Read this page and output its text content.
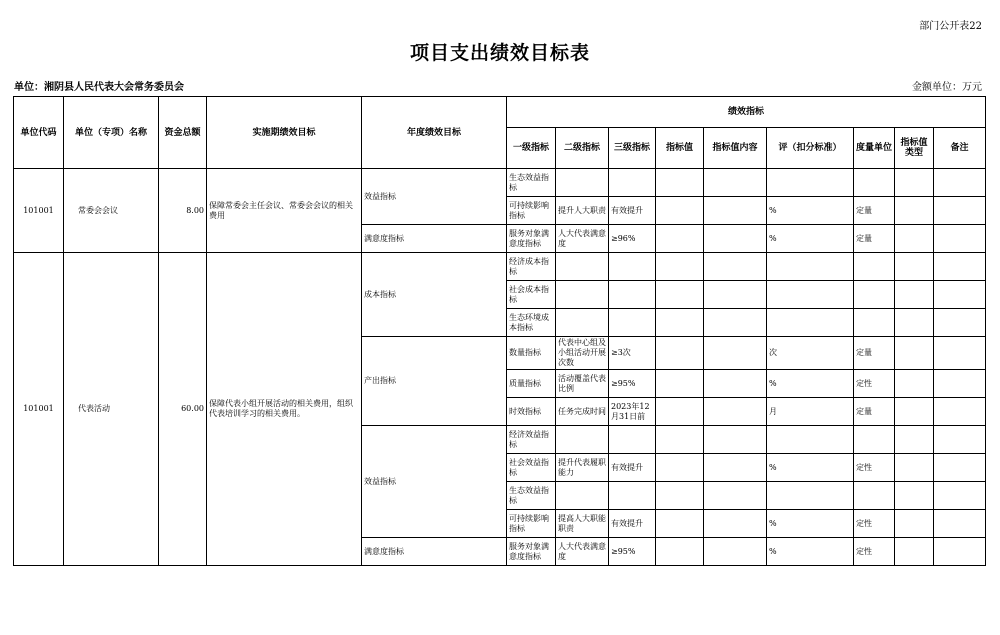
部门公开表22
项目支出绩效目标表
单位：湘阴县人民代表大会常务委员会	金额单位：万元
单位代码	单位（专项）名称	资金总额	实施期绩效目标	年度绩效目标	绩效指标								
					一级指标	二级指标	三级指标	指标值	指标值内容	评（扣分标准）	度量单位	指标值类型	备注
101001	常委会会议	8.00	保障常委会主任会议、常委会会议的相关费用	效益指标	生态效益指标								
					可持续影响指标	提升人大职责	有效提升			%	定量		
				满意度指标	服务对象满意度指标	人大代表满意度	≥96%			%	定量		
101001	代表活动	60.00	保障代表小组开展活动的相关费用，组织代表培训学习的相关费用。	成本指标	经济成本指标								
					社会成本指标								
					生态环境成本指标								
				产出指标	数量指标	代表中心组及小组活动开展次数	≥3次			次	定量		
					质量指标	活动覆盖代表比例	≥95%			%	定性		
					时效指标	任务完成时间	2023年12月31日前			月	定量		
				效益指标	经济效益指标								
					社会效益指标	提升代表履职能力	有效提升			%	定性		
					生态效益指标								
					可持续影响指标	提高人大职能职责	有效提升			%	定性		
				满意度指标	服务对象满意度指标	人大代表满意度	≥95%			%	定性		
